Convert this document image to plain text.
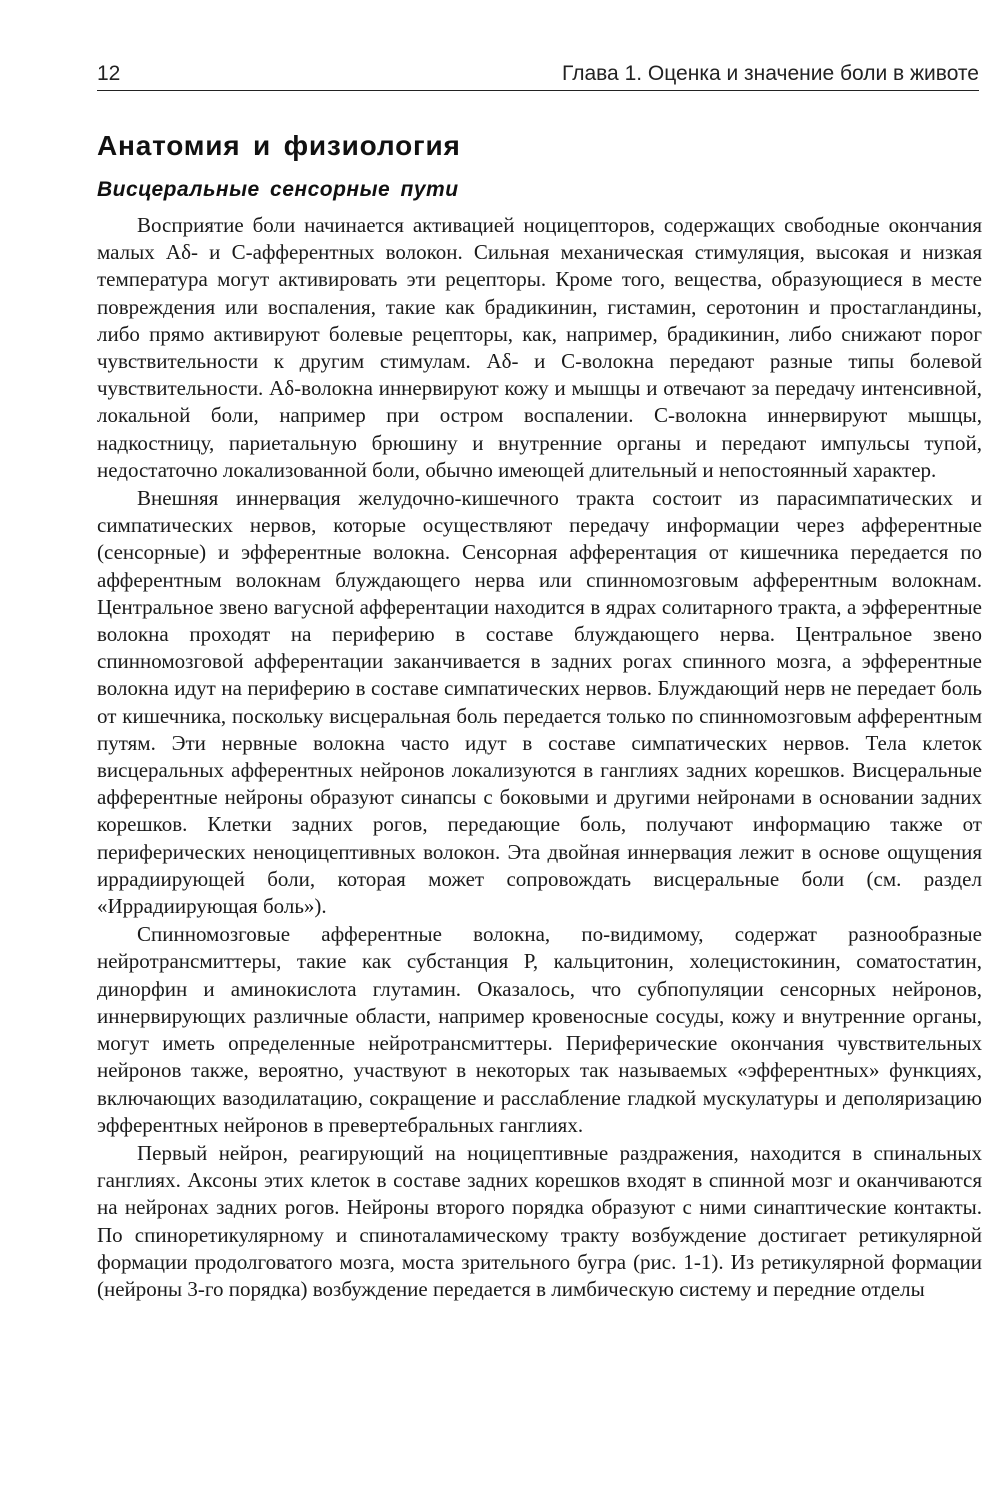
12	Глава 1. Оценка и значение боли в животе
Анатомия и физиология
Висцеральные сенсорные пути

Восприятие боли начинается активацией ноцицепторов, содержащих свободные окончания малых Aδ- и С-афферентных волокон. Сильная механическая стимуляция, высокая и низкая температура могут активировать эти рецепторы. Кроме того, вещества, образующиеся в месте повреждения или воспаления, такие как брадикинин, гистамин, серотонин и простагландины, либо прямо активируют болевые рецепторы, как, например, брадикинин, либо снижают порог чувствительности к другим стимулам. Aδ- и С-волокна передают разные типы болевой чувствительности. Aδ-волокна иннервируют кожу и мышцы и отвечают за передачу интенсивной, локальной боли, например при остром воспалении. С-волокна иннервируют мышцы, надкостницу, париетальную брюшину и внутренние органы и передают импульсы тупой, недостаточно локализованной боли, обычно имеющей длительный и непостоянный характер.

Внешняя иннервация желудочно-кишечного тракта состоит из парасимпатических и симпатических нервов, которые осуществляют передачу информации через афферентные (сенсорные) и эфферентные волокна. Сенсорная афферентация от кишечника передается по афферентным волокнам блуждающего нерва или спинномозговым афферентным волокнам. Центральное звено вагусной афферентации находится в ядрах солитарного тракта, а эфферентные волокна проходят на периферию в составе блуждающего нерва. Центральное звено спинномозговой афферентации заканчивается в задних рогах спинного мозга, а эфферентные волокна идут на периферию в составе симпатических нервов. Блуждающий нерв не передает боль от кишечника, поскольку висцеральная боль передается только по спинномозговым афферентным путям. Эти нервные волокна часто идут в составе симпатических нервов. Тела клеток висцеральных афферентных нейронов локализуются в ганглиях задних корешков. Висцеральные афферентные нейроны образуют синапсы с боковыми и другими нейронами в основании задних корешков. Клетки задних рогов, передающие боль, получают информацию также от периферических неноцицептивных волокон. Эта двойная иннервация лежит в основе ощущения иррадиирующей боли, которая может сопровождать висцеральные боли (см. раздел «Иррадиирующая боль»).

Спинномозговые афферентные волокна, по-видимому, содержат разнообразные нейротрансмиттеры, такие как субстанция Р, кальцитонин, холецистокинин, соматостатин, динорфин и аминокислота глутамин. Оказалось, что субпопуляции сенсорных нейронов, иннервирующих различные области, например кровеносные сосуды, кожу и внутренние органы, могут иметь определенные нейротрансмиттеры. Периферические окончания чувствительных нейронов также, вероятно, участвуют в некоторых так называемых «эфферентных» функциях, включающих вазодилатацию, сокращение и расслабление гладкой мускулатуры и деполяризацию эфферентных нейронов в превертебральных ганглиях.

Первый нейрон, реагирующий на ноцицептивные раздражения, находится в спинальных ганглиях. Аксоны этих клеток в составе задних корешков входят в спинной мозг и оканчиваются на нейронах задних рогов. Нейроны второго порядка образуют с ними синаптические контакты. По спиноретикулярному и спиноталaмическому тракту возбуждение достигает ретикулярной формации продолговатого мозга, моста зрительного бугра (рис. 1-1). Из ретикулярной формации (нейроны 3-го порядка) возбуждение передается в лимбическую систему и передние отделы
